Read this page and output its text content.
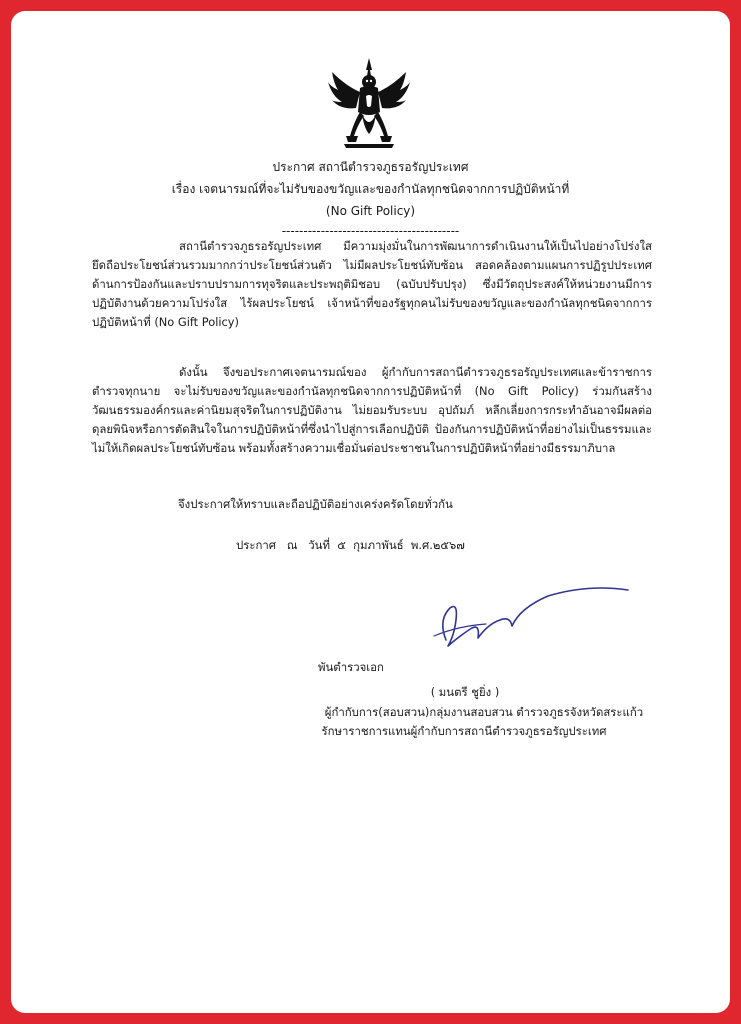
ประกาศ สถานีตำรวจภูธรอรัญประเทศ
เรื่อง เจตนารมณ์ที่จะไม่รับของขวัญและของกำนัลทุกชนิดจากการปฏิบัติหน้าที่
(No Gift Policy)
-----------------------------------------

สถานีตำรวจภูธรอรัญประเทศ มีความมุ่งมั่นในการพัฒนาการดำเนินงานให้เป็นไปอย่างโปร่งใส ยึดถือประโยชน์ส่วนรวมมากกว่าประโยชน์ส่วนตัว ไม่มีผลประโยชน์ทับซ้อน สอดคล้องตามแผนการปฏิรูปประเทศด้านการป้องกันและปราบปรามการทุจริตและประพฤติมิชอบ (ฉบับปรับปรุง) ซึ่งมีวัตถุประสงค์ให้หน่วยงานมีการปฏิบัติงานด้วยความโปร่งใส ไร้ผลประโยชน์ เจ้าหน้าที่ของรัฐทุกคนไม่รับของขวัญและของกำนัลทุกชนิดจากการปฏิบัติหน้าที่ (No Gift Policy)

ดังนั้น จึงขอประกาศเจตนารมณ์ของ ผู้กำกับการสถานีตำรวจภูธรอรัญประเทศและข้าราชการตำรวจทุกนาย จะไม่รับของขวัญและของกำนัลทุกชนิดจากการปฏิบัติหน้าที่ (No Gift Policy) ร่วมกันสร้างวัฒนธรรมองค์กรและค่านิยมสุจริตในการปฏิบัติงาน ไม่ยอมรับระบบ อุปถัมภ์ หลีกเลี่ยงการกระทำอันอาจมีผลต่อดุลยพินิจหรือการตัดสินใจในการปฏิบัติหน้าที่ซึ่งนำไปสู่การเลือกปฏิบัติ ป้องกันการปฏิบัติหน้าที่อย่างไม่เป็นธรรมและไม่ให้เกิดผลประโยชน์ทับซ้อน พร้อมทั้งสร้างความเชื่อมั่นต่อประชาชนในการปฏิบัติหน้าที่อย่างมีธรรมาภิบาล

จึงประกาศให้ทราบและถือปฏิบัติอย่างเคร่งครัดโดยทั่วกัน
ประกาศ   ณ   วันที่  ๕  กุมภาพันธ์  พ.ศ.๒๕๖๗
พันตำรวจเอก
( มนตรี ชูยิ่ง )
ผู้กำกับการ(สอบสวน)กลุ่มงานสอบสวน ตำรวจภูธรจังหวัดสระแก้ว
รักษาราชการแทนผู้กำกับการสถานีตำรวจภูธรอรัญประเทศ
